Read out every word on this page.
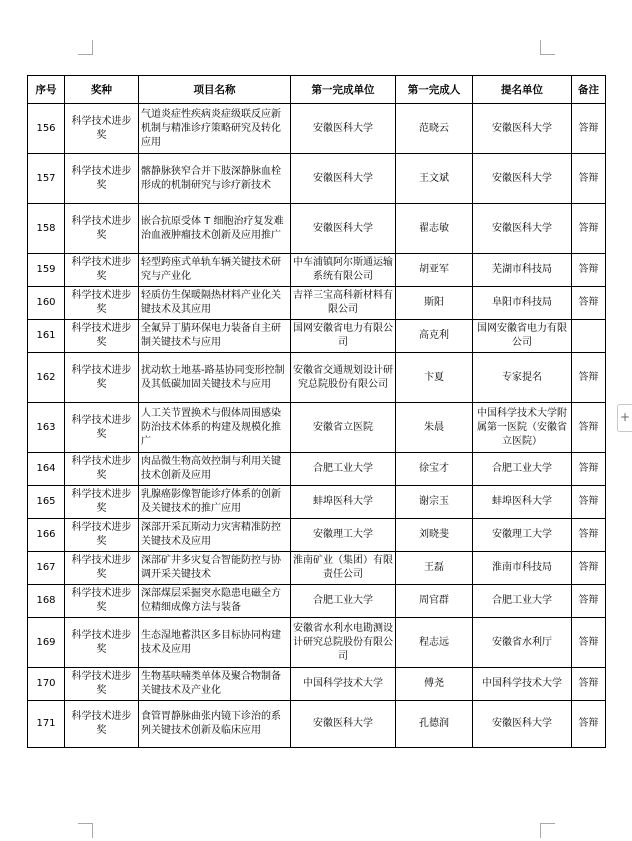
+
序号	奖种	项目名称	第一完成单位	第一完成人	提名单位	备注
156	科学技术进步奖	气道炎症性疾病炎症级联反应新机制与精准诊疗策略研究及转化应用	安徽医科大学	范晓云	安徽医科大学	答辩
157	科学技术进步奖	髂静脉狭窄合并下肢深静脉血栓形成的机制研究与诊疗新技术	安徽医科大学	王文斌	安徽医科大学	答辩
158	科学技术进步奖	嵌合抗原受体 T 细胞治疗复发难治血液肿瘤技术创新及应用推广	安徽医科大学	翟志敏	安徽医科大学	答辩
159	科学技术进步奖	轻型跨座式单轨车辆关键技术研究与产业化	中车浦镇阿尔斯通运输系统有限公司	胡亚军	芜湖市科技局	答辩
160	科学技术进步奖	轻质仿生保暖隔热材料产业化关键技术及其应用	吉祥三宝高科新材料有限公司	斯阳	阜阳市科技局	答辩
161	科学技术进步奖	全氟异丁腈环保电力装备自主研制关键技术与应用	国网安徽省电力有限公司	高克利	国网安徽省电力有限公司	
162	科学技术进步奖	扰动软土地基-路基协同变形控制及其低碳加固关键技术与应用	安徽省交通规划设计研究总院股份有限公司	卞夏	专家提名	答辩
163	科学技术进步奖	人工关节置换术与假体周围感染防治技术体系的构建及规模化推广	安徽省立医院	朱晨	中国科学技术大学附属第一医院（安徽省立医院）	答辩
164	科学技术进步奖	肉品微生物高效控制与利用关键技术创新及应用	合肥工业大学	徐宝才	合肥工业大学	答辩
165	科学技术进步奖	乳腺癌影像智能诊疗体系的创新及关键技术的推广应用	蚌埠医科大学	谢宗玉	蚌埠医科大学	答辩
166	科学技术进步奖	深部开采瓦斯动力灾害精准防控关键技术及应用	安徽理工大学	刘晓斐	安徽理工大学	答辩
167	科学技术进步奖	深部矿井多灾复合智能防控与协调开采关键技术	淮南矿业（集团）有限责任公司	王磊	淮南市科技局	答辩
168	科学技术进步奖	深部煤层采掘突水隐患电磁全方位精细成像方法与装备	合肥工业大学	周官群	合肥工业大学	答辩
169	科学技术进步奖	生态湿地蓄洪区多目标协同构建技术及应用	安徽省水利水电勘测设计研究总院股份有限公司	程志远	安徽省水利厅	答辩
170	科学技术进步奖	生物基呋喃类单体及聚合物制备关键技术及产业化	中国科学技术大学	傅尧	中国科学技术大学	答辩
171	科学技术进步奖	食管胃静脉曲张内镜下诊治的系列关键技术创新及临床应用	安徽医科大学	孔德润	安徽医科大学	答辩
